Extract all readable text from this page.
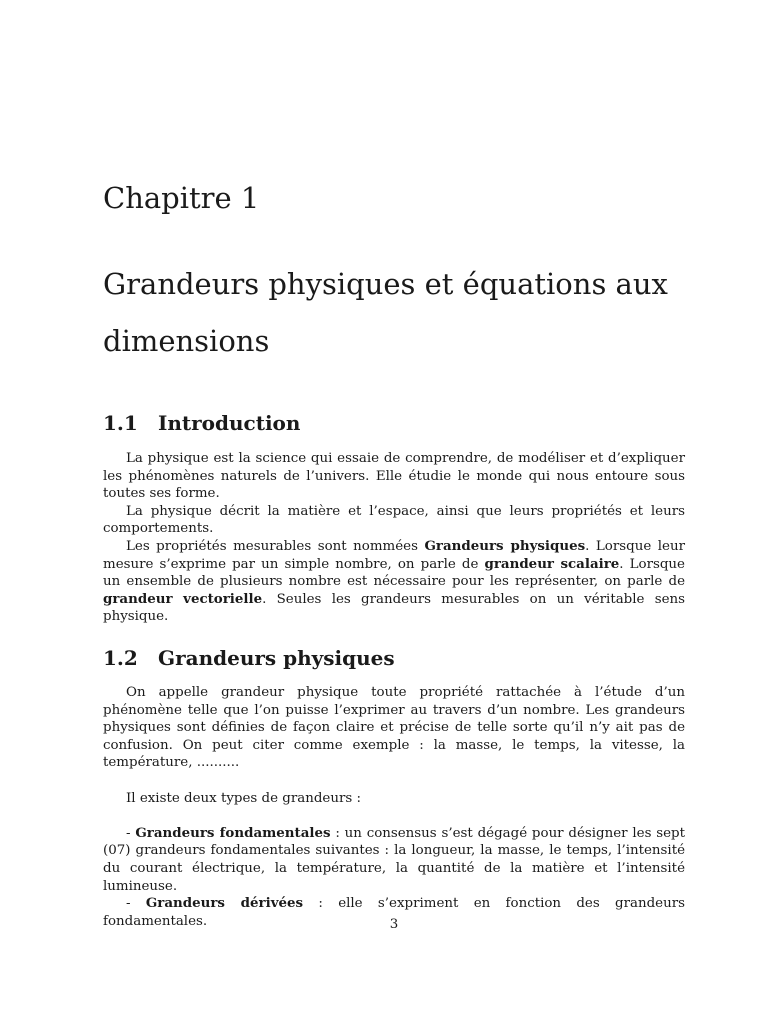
Chapitre 1
Grandeurs physiques et équations aux dimensions
1.1 Introduction

La physique est la science qui essaie de comprendre, de modéliser et d’expliquer les phénomènes naturels de l’univers. Elle étudie le monde qui nous entoure sous toutes ses forme.

La physique décrit la matière et l’espace, ainsi que leurs propriétés et leurs comportements.

Les propriétés mesurables sont nommées Grandeurs physiques. Lorsque leur mesure s’exprime par un simple nombre, on parle de grandeur scalaire. Lorsque un ensemble de plusieurs nombre est nécessaire pour les représenter, on parle de grandeur vectorielle. Seules les grandeurs mesurables on un véritable sens physique.

1.2 Grandeurs physiques

On appelle grandeur physique toute propriété rattachée à l’étude d’un phénomène telle que l’on puisse l’exprimer au travers d’un nombre. Les grandeurs physiques sont définies de façon claire et précise de telle sorte qu’il n’y ait pas de confusion. On peut citer comme exemple : la masse, le temps, la vitesse, la température, ..........

Il existe deux types de grandeurs :

- Grandeurs fondamentales : un consensus s’est dégagé pour désigner les sept (07) grandeurs fondamentales suivantes : la longueur, la masse, le temps, l’intensité du courant électrique, la température, la quantité de la matière et l’intensité lumineuse.

- Grandeurs dérivées : elle s’expriment en fonction des grandeurs fondamentales.	3
